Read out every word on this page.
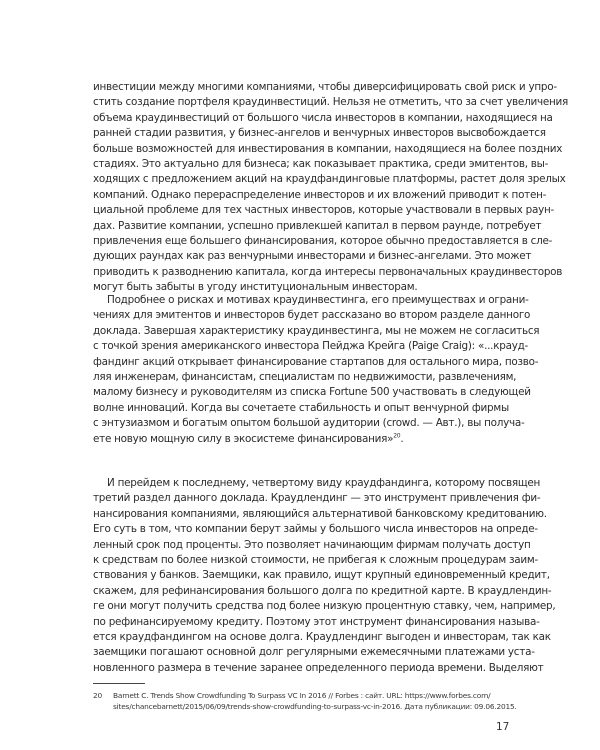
инвестиции между многими компаниями, чтобы диверсифицировать свой риск и упро-
стить создание портфеля краудинвестиций. Нельзя не отметить, что за счет увеличения
объема краудинвестиций от большого числа инвесторов в компании, находящиеся на
ранней стадии развития, у бизнес-ангелов и венчурных инвесторов высвобождается
больше возможностей для инвестирования в компании, находящиеся на более поздних
стадиях. Это актуально для бизнеса; как показывает практика, среди эмитентов, вы-
ходящих с предложением акций на краудфандинговые платформы, растет доля зрелых
компаний. Однако перераспределение инвесторов и их вложений приводит к потен-
циальной проблеме для тех частных инвесторов, которые участвовали в первых раун-
дах. Развитие компании, успешно привлекшей капитал в первом раунде, потребует
привлечения еще большего финансирования, которое обычно предоставляется в сле-
дующих раундах как раз венчурными инвесторами и бизнес-ангелами. Это может
приводить к разводнению капитала, когда интересы первоначальных краудинвесторов
могут быть забыты в угоду институциональным инвесторам.
Подробнее о рисках и мотивах краудинвестинга, его преимуществах и ограни-
чениях для эмитентов и инвесторов будет рассказано во втором разделе данного
доклада. Завершая характеристику краудинвестинга, мы не можем не согласиться
с точкой зрения американского инвестора Пейджа Крейга (Paige Craig): «...крауд-
фандинг акций открывает финансирование стартапов для остального мира, позво-
ляя инженерам, финансистам, специалистам по недвижимости, развлечениям,
малому бизнесу и руководителям из списка Fortune 500 участвовать в следующей
волне инноваций. Когда вы сочетаете стабильность и опыт венчурной фирмы
с энтузиазмом и богатым опытом большой аудитории (crowd. — Авт.), вы получа-
ете новую мощную силу в экосистеме финансирования»$^{20}$.
И перейдем к последнему, четвертому виду краудфандинга, которому посвящен
третий раздел данного доклада. Краудлендинг — это инструмент привлечения фи-
нансирования компаниями, являющийся альтернативой банковскому кредитованию.
Его суть в том, что компании берут займы у большого числа инвесторов на опреде-
ленный срок под проценты. Это позволяет начинающим фирмам получать доступ
к средствам по более низкой стоимости, не прибегая к сложным процедурам заим-
ствования у банков. Заемщики, как правило, ищут крупный единовременный кредит,
скажем, для рефинансирования большого долга по кредитной карте. В краудлендин-
ге они могут получить средства под более низкую процентную ставку, чем, например,
по рефинансируемому кредиту. Поэтому этот инструмент финансирования называ-
ется краудфандингом на основе долга. Краудлендинг выгоден и инвесторам, так как
заемщики погашают основной долг регулярными ежемесячными платежами уста-
новленного размера в течение заранее определенного периода времени. Выделяют
20 Barnett C. Trends Show Crowdfunding To Surpass VC In 2016 // Forbes : сайт. URL: https://www.forbes.com/
sites/chancebarnett/2015/06/09/trends-show-crowdfunding-to-surpass-vc-in-2016. Дата публикации: 09.06.2015.
17
